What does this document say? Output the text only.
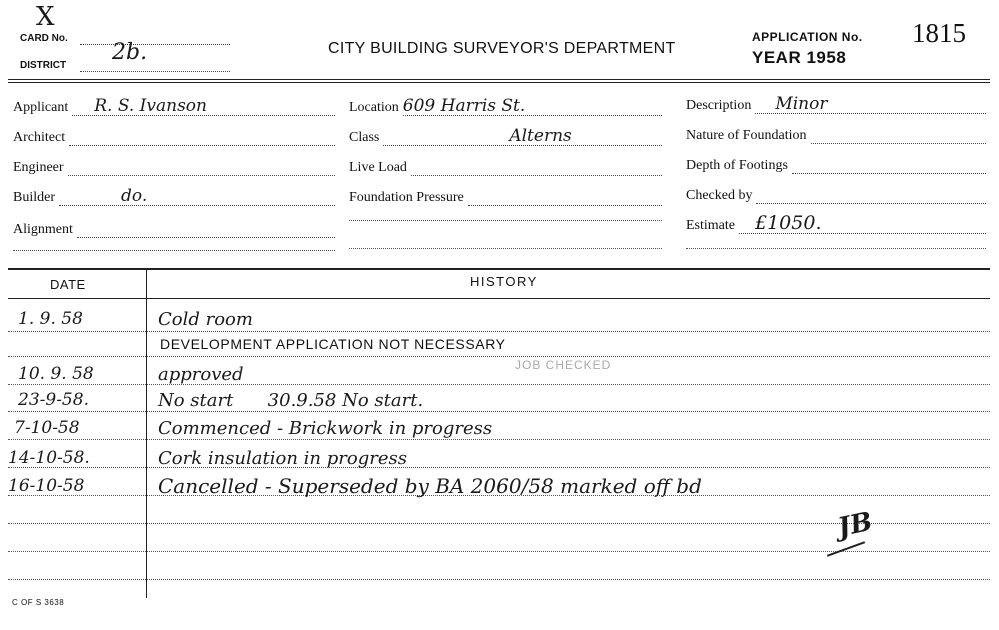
X
CARD No.
DISTRICT
2b.	CITY BUILDING SURVEYOR'S DEPARTMENT
APPLICATION No. 1815
YEAR 1958
Applicant R. S. Ivanson
Architect
Engineer
Builder	do.
Alignment
Location 609 Harris St.
Class	Alterns
Live Load
Foundation Pressure
Description Minor
Nature of Foundation
Depth of Footings
Checked by
Estimate £1050.
DATE	HISTORY
1. 9. 58	Cold room
DEVELOPMENT APPLICATION NOT NECESSARY
10. 9. 58	approved	JOB CHECKED
23-9-58.	No start      30.9.58 No start.
7-10-58	Commenced - Brickwork in progress
14-10-58.	Cork insulation in progress
16-10-58	Cancelled - Superseded by BA 2060/58 marked off bd
JB
C OF S 3638
